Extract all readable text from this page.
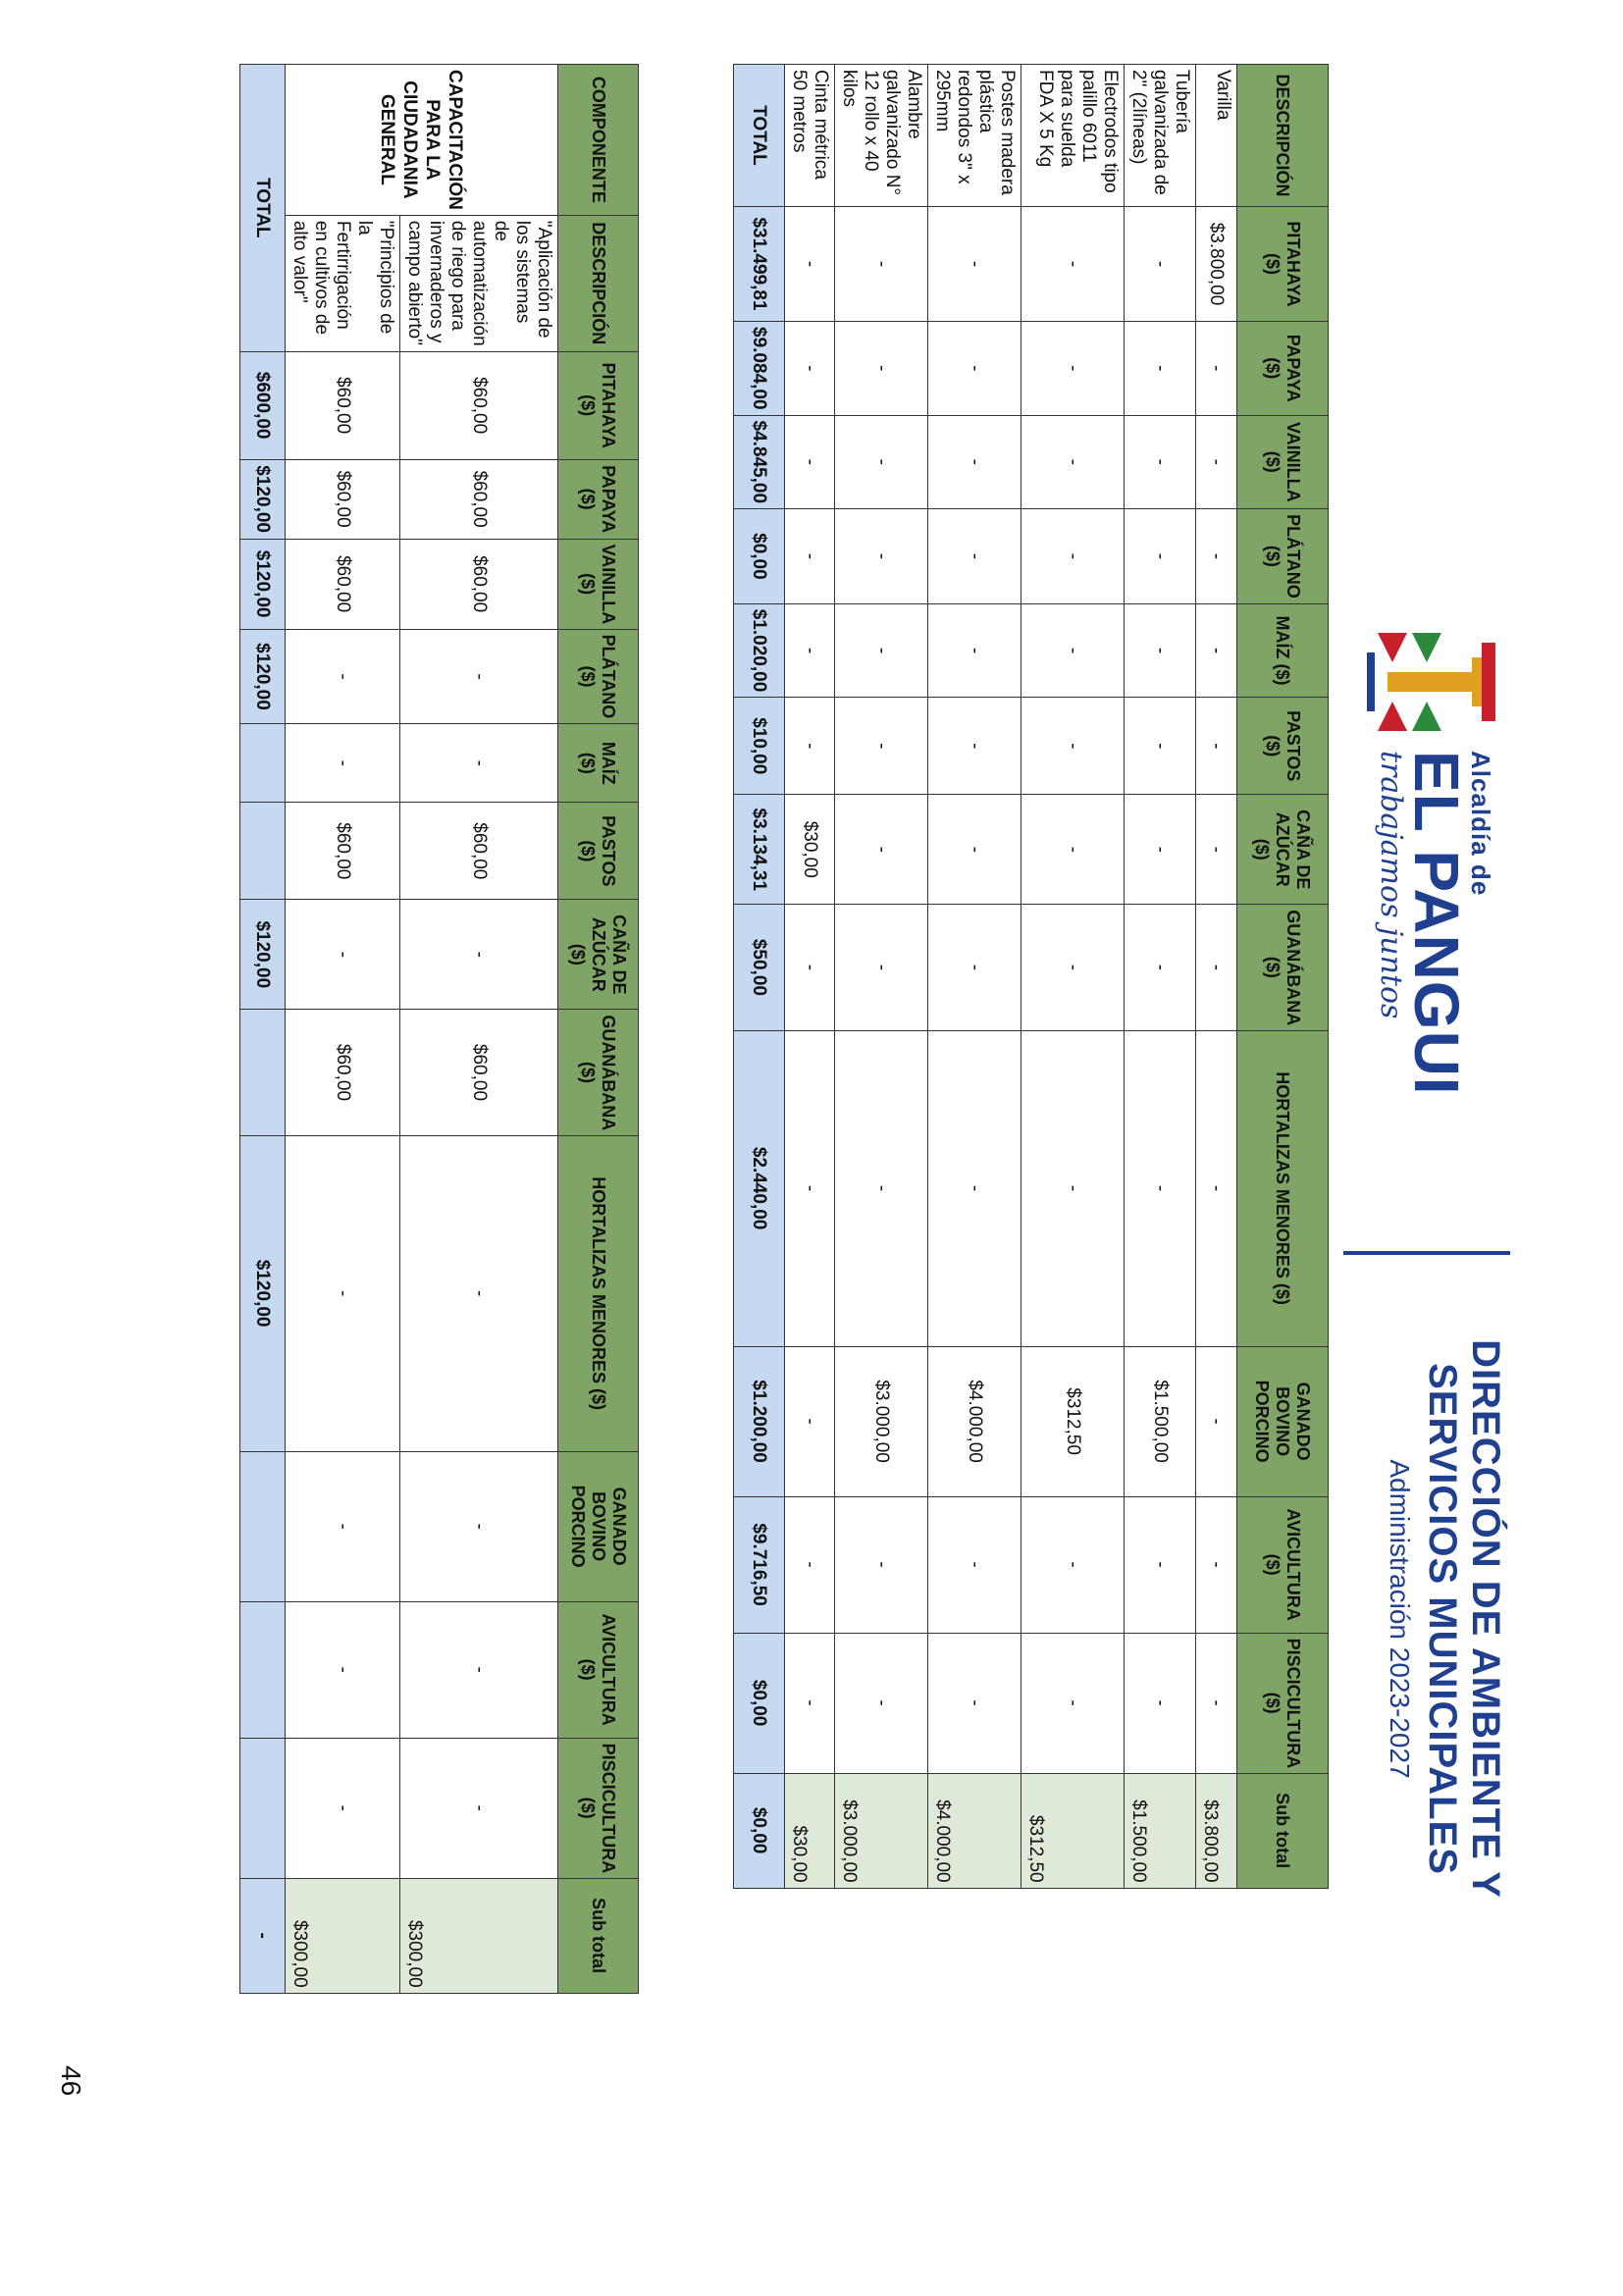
Alcaldía de
EL PANGUI
trabajamos juntos
DIRECCIÓN DE AMBIENTE Y
SERVICIOS MUNICIPALES
Administración 2023-2027
DESCRIPCIÓN	PITAHAYA ($)	PAPAYA ($)	VAINILLA ($)	PLÁTANO ($)	MAÍZ ($)	PASTOS ($)	CAÑA DE AZÚCAR ($)	GUANÁBANA ($)	HORTALIZAS MENORES ($)	GANADO BOVINO PORCINO	AVICULTURA ($)	PISCICULTURA ($)	Sub total
Varilla	$3.800,00	-	-	-	-	-	-	-	-	-	-	-	$3.800,00
Tubería galvanizada de 2" (2líneas)	-	-	-	-	-	-	-	-	-	$1.500,00	-	-	$1.500,00
Electrodos tipo palillo 6011 para suelda FDA X 5 Kg	-	-	-	-	-	-	-	-	-	$312,50	-	-	$312,50
Postes madera plástica redondos 3" x 295mm	-	-	-	-	-	-	-	-	-	$4.000,00	-	-	$4.000,00
Alambre galvanizado N° 12 rollo x 40 kilos	-	-	-	-	-	-	-	-	-	$3.000,00	-	-	$3.000,00
Cinta métrica 50 metros	-	-	-	-	-	-	$30,00	-	-	-	-	-	$30,00
TOTAL	$31.499,81	$9.084,00	$4.845,00	$0,00	$1.020,00	$10,00	$3.134,31	$50,00	$2.440,00	$1.200,00	$9.716,50	$0,00	$0,00
COMPONENTE	DESCRIPCIÓN	PITAHAYA ($)	PAPAYA ($)	VAINILLA ($)	PLÁTANO ($)	MAÍZ ($)	PASTOS ($)	CAÑA DE AZÚCAR ($)	GUANÁBANA ($)	HORTALIZAS MENORES ($)	GANADO BOVINO PORCINO	AVICULTURA ($)	PISCICULTURA ($)	Sub total
CAPACITACIÓN PARA LA CIUDADANIA GENERAL	"Aplicación de los sistemas de automatización de riego para invernaderos y campo abierto"	$60,00	$60,00	$60,00	-	-	$60,00	-	$60,00	-	-	-	-	$300,00
	"Principios de la Fertirrigación en cultivos de alto valor"	$60,00	$60,00	$60,00	-	-	$60,00	-	$60,00	-	-	-	-	$300,00
TOTAL		$600,00	$120,00	$120,00	$120,00			$120,00		$120,00				-
46
